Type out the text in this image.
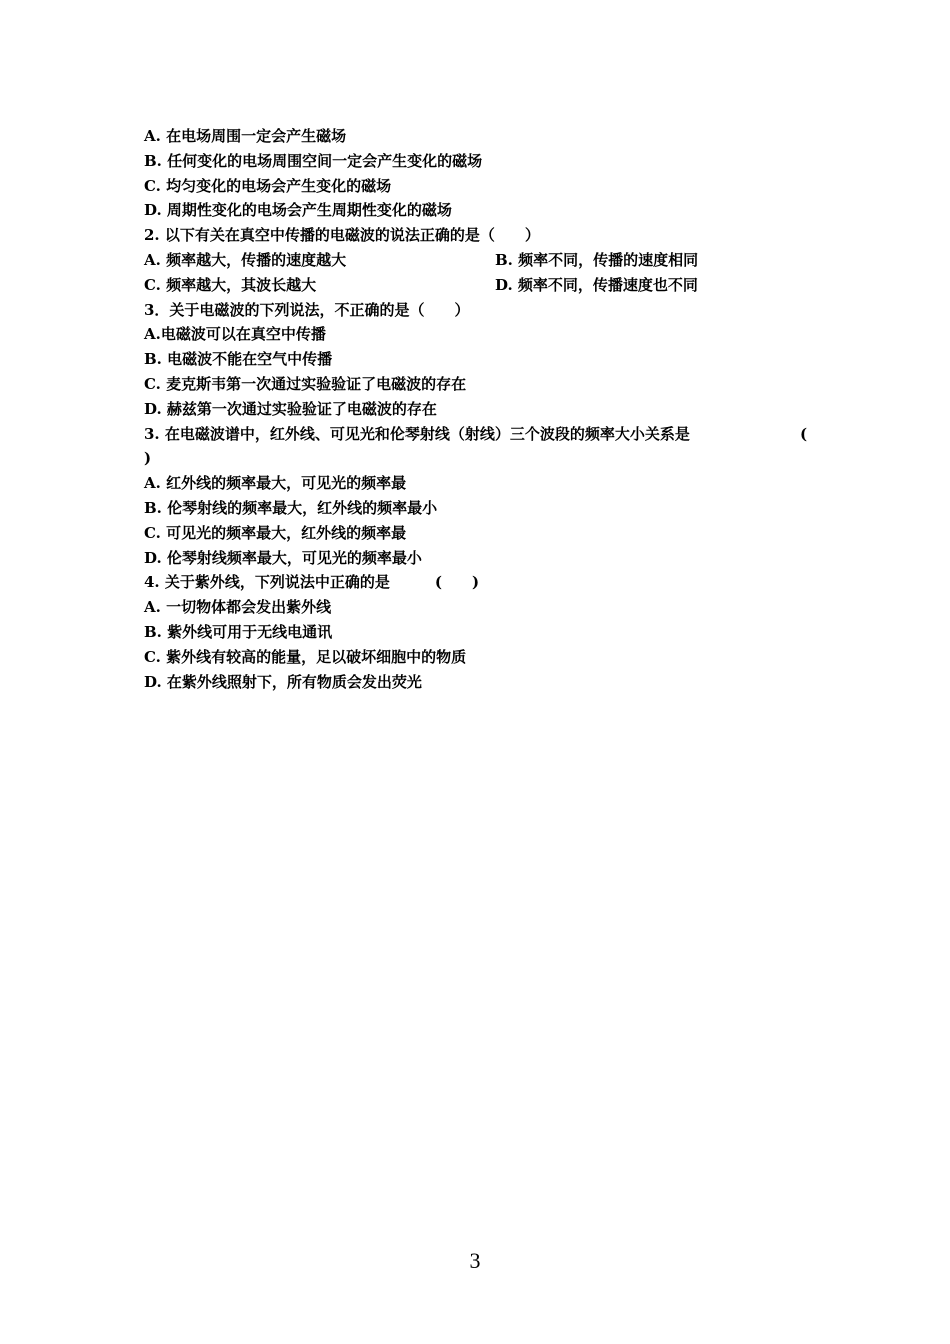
A. 在电场周围一定会产生磁场
B. 任何变化的电场周围空间一定会产生变化的磁场
C. 均匀变化的电场会产生变化的磁场
D. 周期性变化的电场会产生周期性变化的磁场
2. 以下有关在真空中传播的电磁波的说法正确的是（　　）
A. 频率越大，传播的速度越大	B. 频率不同，传播的速度相同
C. 频率越大，其波长越大	D. 频率不同，传播速度也不同
3．关于电磁波的下列说法，不正确的是（　　）
A.电磁波可以在真空中传播
B. 电磁波不能在空气中传播
C. 麦克斯韦第一次通过实验验证了电磁波的存在
D. 赫兹第一次通过实验验证了电磁波的存在
3. 在电磁波谱中，红外线、可见光和伦琴射线（射线）三个波段的频率大小关系是	(
)
A. 红外线的频率最大，可见光的频率最
B. 伦琴射线的频率最大，红外线的频率最小
C. 可见光的频率最大，红外线的频率最
D. 伦琴射线频率最大，可见光的频率最小
4. 关于紫外线，下列说法中正确的是　　　(　　)
A. 一切物体都会发出紫外线
B. 紫外线可用于无线电通讯
C. 紫外线有较高的能量，足以破坏细胞中的物质
D. 在紫外线照射下，所有物质会发出荧光
3
